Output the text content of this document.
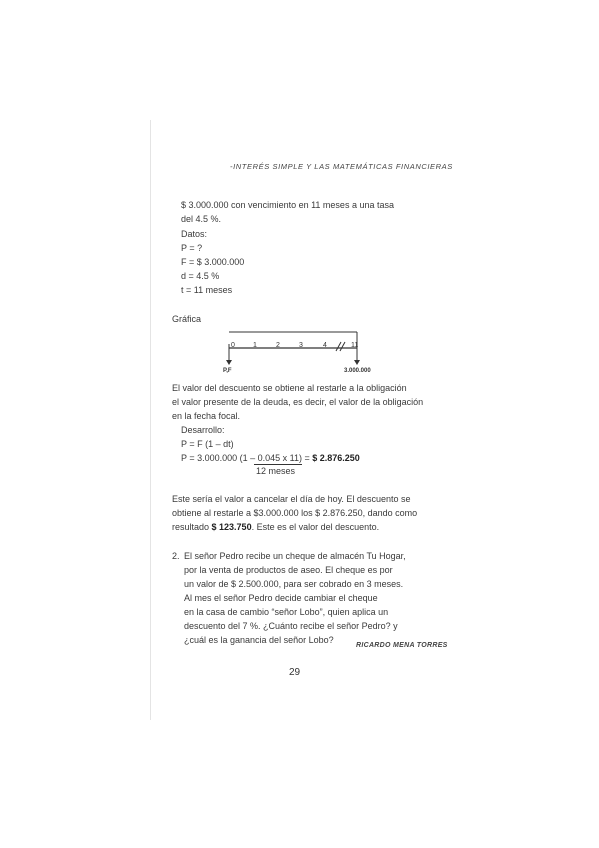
-INTERÉS SIMPLE Y LAS MATEMÁTICAS FINANCIERAS
$ 3.000.000 con vencimiento en 11 meses a una tasa
del 4.5 %.
Datos:
P = ?
F = $ 3.000.000
d = 4.5 %
t = 11 meses
Gráfica
0	1	2	3	4	11
P,F	3.000.000
El valor del descuento se obtiene al restarle a la obligación
el valor presente de la deuda, es decir, el valor de la obligación
en la fecha focal.
Desarrollo:
P = F (1 – dt)
P = 3.000.000 (1 – 0.045 x 11) = $ 2.876.250
12 meses
Este sería el valor a cancelar el día de hoy. El descuento se
obtiene al restarle a $3.000.000 los $ 2.876.250, dando como
resultado $ 123.750. Este es el valor del descuento.
2. El señor Pedro recibe un cheque de almacén Tu Hogar,
por la venta de productos de aseo. El cheque es por
un valor de $ 2.500.000, para ser cobrado en 3 meses.
Al mes el señor Pedro decide cambiar el cheque
en la casa de cambio “señor Lobo”, quien aplica un
descuento del 7 %. ¿Cuánto recibe el señor Pedro? y
¿cuál es la ganancia del señor Lobo?
RICARDO MENA TORRES
29
